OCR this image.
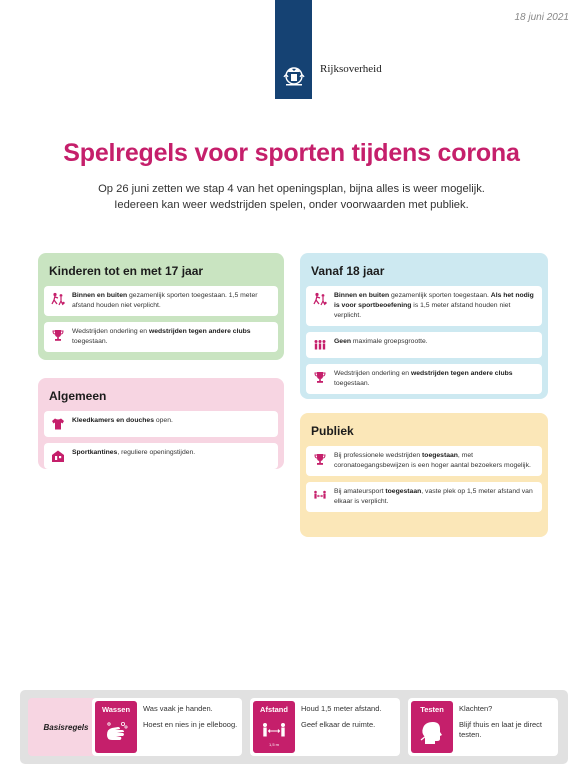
18 juni 2021
Rijksoverheid
Spelregels voor sporten tijdens corona
Op 26 juni zetten we stap 4 van het openingsplan, bijna alles is weer mogelijk.
Iedereen kan weer wedstrijden spelen, onder voorwaarden met publiek.
Kinderen tot en met 17 jaar
Binnen en buiten gezamenlijk sporten toegestaan. 1,5 meter afstand houden niet verplicht.
Wedstrijden onderling en wedstrijden tegen andere clubs toegestaan.
Algemeen
Kleedkamers en douches open.
Sportkantines, reguliere openingstijden.
Vanaf 18 jaar
Binnen en buiten gezamenlijk sporten toegestaan. Als het nodig is voor sportbeoefening is 1,5 meter afstand houden niet verplicht.
Geen maximale groepsgrootte.
Wedstrijden onderling en wedstrijden tegen andere clubs toegestaan.
Publiek
Bij professionele wedstrijden toegestaan, met coronatoegangsbewijzen is een hoger aantal bezoekers mogelijk.
Bij amateursport toegestaan, vaste plek op 1,5 meter afstand van elkaar is verplicht.
Basisregels
Wassen	Was vaak je handen.
Hoest en nies in je elleboog.
Afstand
1,5 m
Houd 1,5 meter afstand.
Geef elkaar de ruimte.
Testen	Klachten?
Blijf thuis en laat je direct testen.
